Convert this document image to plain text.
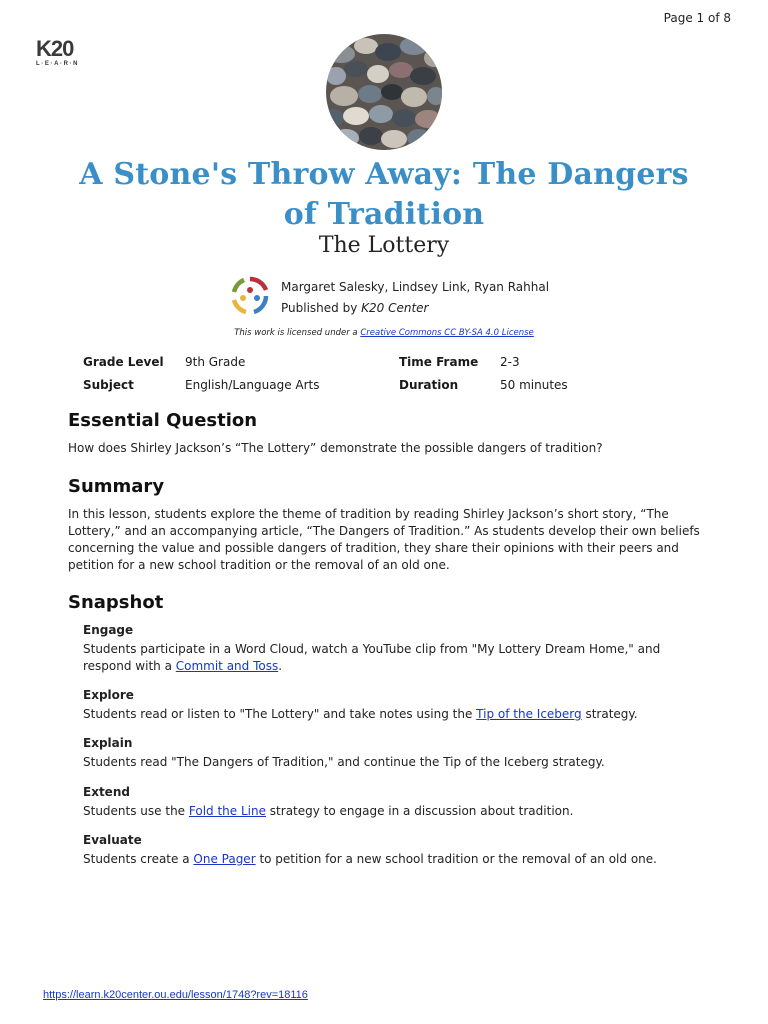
Page 1 of 8
K20
L·E·A·R·N
A Stone's Throw Away: The Dangers of Tradition
The Lottery
Margaret Salesky, Lindsey Link, Ryan Rahhal
Published by K20 Center
This work is licensed under a Creative Commons CC BY-SA 4.0 License
Grade Level	9th Grade	Time Frame	2-3
Subject	English/Language Arts	Duration	50 minutes
Essential Question

How does Shirley Jackson’s “The Lottery” demonstrate the possible dangers of tradition?

Summary

In this lesson, students explore the theme of tradition by reading Shirley Jackson’s short story, “The Lottery,” and an accompanying article, “The Dangers of Tradition.” As students develop their own beliefs concerning the value and possible dangers of tradition, they share their opinions with their peers and petition for a new school tradition or the removal of an old one.

Snapshot
Engage
Students participate in a Word Cloud, watch a YouTube clip from "My Lottery Dream Home," and respond with a Commit and Toss.
Explore
Students read or listen to "The Lottery" and take notes using the Tip of the Iceberg strategy.
Explain
Students read "The Dangers of Tradition," and continue the Tip of the Iceberg strategy.
Extend
Students use the Fold the Line strategy to engage in a discussion about tradition.
Evaluate
Students create a One Pager to petition for a new school tradition or the removal of an old one.
https://learn.k20center.ou.edu/lesson/1748?rev=18116
